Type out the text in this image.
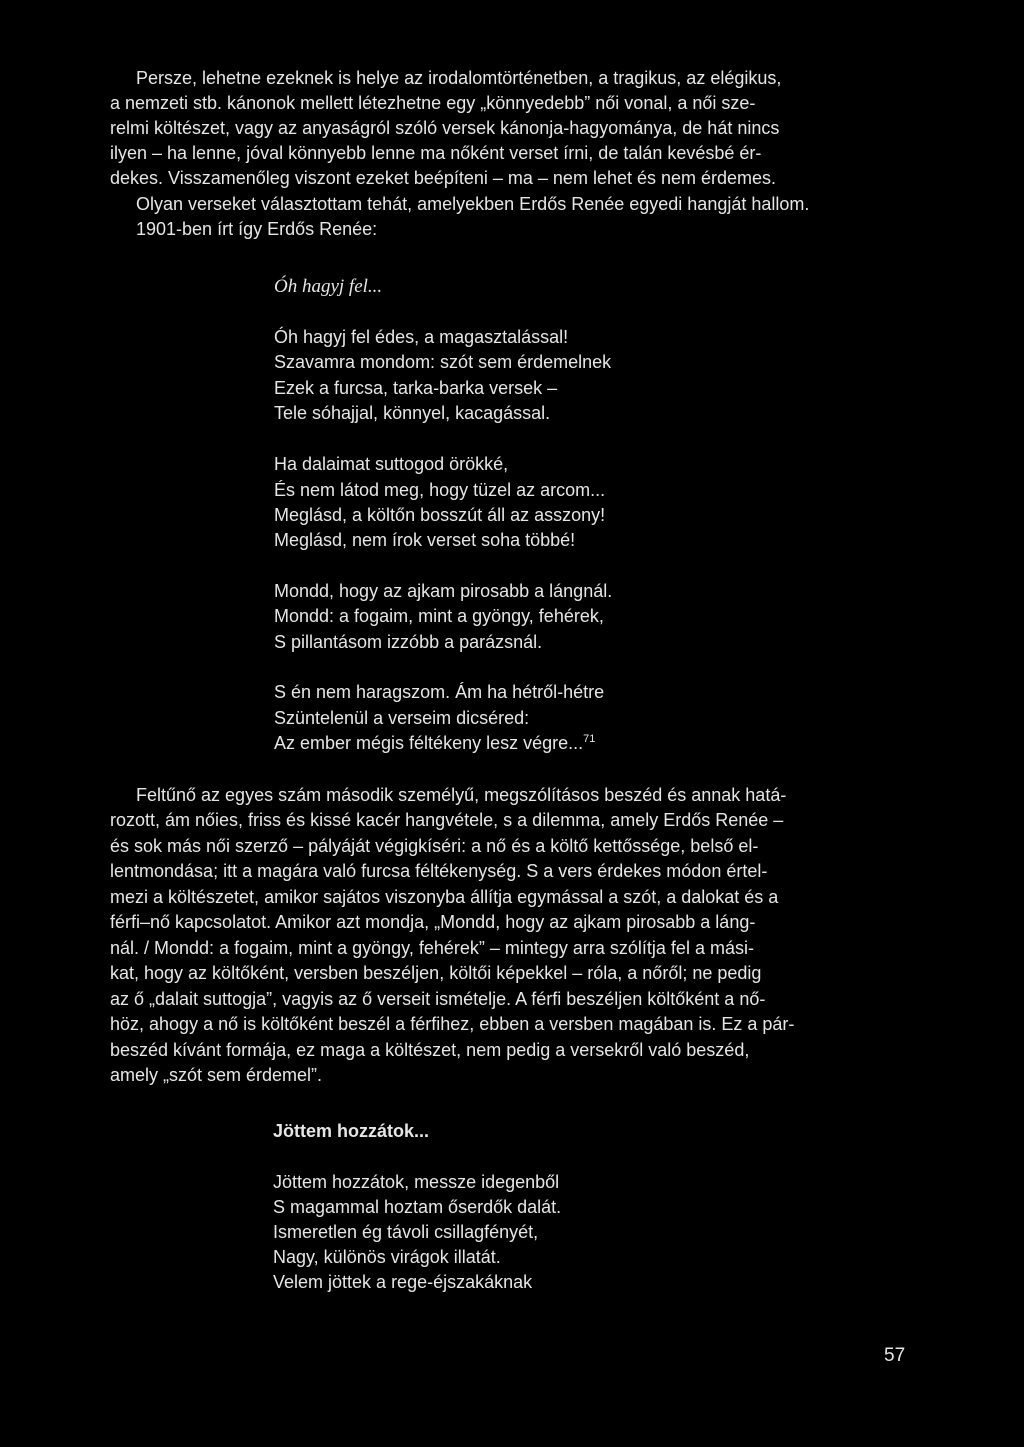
Persze, lehetne ezeknek is helye az irodalomtörténetben, a tragikus, az elégikus,
a nemzeti stb. kánonok mellett létezhetne egy „könnyedebb” női vonal, a női sze-
relmi költészet, vagy az anyaságról szóló versek kánonja-hagyománya, de hát nincs
ilyen – ha lenne, jóval könnyebb lenne ma nőként verset írni, de talán kevésbé ér-
dekes. Visszamenőleg viszont ezeket beépíteni – ma – nem lehet és nem érdemes.
Olyan verseket választottam tehát, amelyekben Erdős Renée egyedi hangját hallom.
1901-ben írt így Erdős Renée:
Óh hagyj fel...
Óh hagyj fel édes, a magasztalással!
Szavamra mondom: szót sem érdemelnek
Ezek a furcsa, tarka-barka versek –
Tele sóhajjal, könnyel, kacagással.
Ha dalaimat suttogod örökké,
És nem látod meg, hogy tüzel az arcom...
Meglásd, a költőn bosszút áll az asszony!
Meglásd, nem írok verset soha többé!
Mondd, hogy az ajkam pirosabb a lángnál.
Mondd: a fogaim, mint a gyöngy, fehérek,
S pillantásom izzóbb a parázsnál.
S én nem haragszom. Ám ha hétről-hétre
Szüntelenül a verseim dicséred:
Az ember mégis féltékeny lesz végre...$^{71}$
Feltűnő az egyes szám második személyű, megszólításos beszéd és annak hatá-
rozott, ám nőies, friss és kissé kacér hangvétele, s a dilemma, amely Erdős Renée –
és sok más női szerző – pályáját végigkíséri: a nő és a költő kettőssége, belső el-
lentmondása; itt a magára való furcsa féltékenység. S a vers érdekes módon értel-
mezi a költészetet, amikor sajátos viszonyba állítja egymással a szót, a dalokat és a
férfi–nő kapcsolatot. Amikor azt mondja, „Mondd, hogy az ajkam pirosabb a láng-
nál. / Mondd: a fogaim, mint a gyöngy, fehérek” – mintegy arra szólítja fel a mási-
kat, hogy az költőként, versben beszéljen, költői képekkel – róla, a nőről; ne pedig
az ő „dalait suttogja”, vagyis az ő verseit ismételje. A férfi beszéljen költőként a nő-
höz, ahogy a nő is költőként beszél a férfihez, ebben a versben magában is. Ez a pár-
beszéd kívánt formája, ez maga a költészet, nem pedig a versekről való beszéd,
amely „szót sem érdemel”.
Jöttem hozzátok...
Jöttem hozzátok, messze idegenből
S magammal hoztam őserdők dalát.
Ismeretlen ég távoli csillagfényét,
Nagy, különös virágok illatát.
Velem jöttek a rege-éjszakáknak
57
